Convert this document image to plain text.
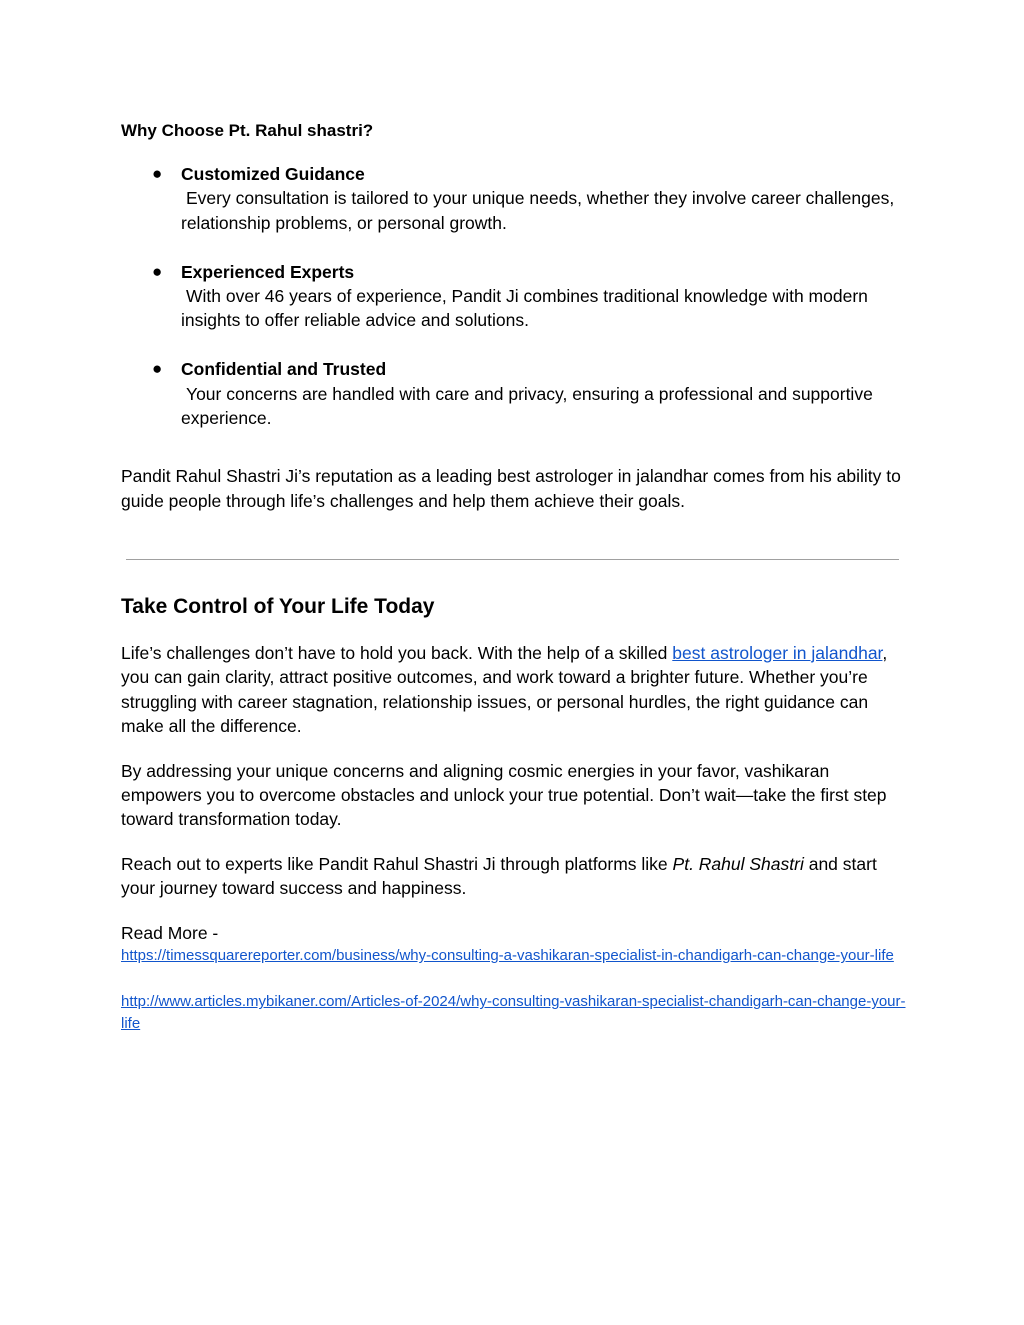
Why Choose Pt. Rahul shastri?
● Customized Guidance
Every consultation is tailored to your unique needs, whether they involve career challenges, relationship problems, or personal growth.
● Experienced Experts
With over 46 years of experience, Pandit Ji combines traditional knowledge with modern insights to offer reliable advice and solutions.
● Confidential and Trusted
Your concerns are handled with care and privacy, ensuring a professional and supportive experience.

Pandit Rahul Shastri Ji’s reputation as a leading best astrologer in jalandhar comes from his ability to guide people through life’s challenges and help them achieve their goals.

Take Control of Your Life Today

Life’s challenges don’t have to hold you back. With the help of a skilled best astrologer in jalandhar, you can gain clarity, attract positive outcomes, and work toward a brighter future. Whether you’re struggling with career stagnation, relationship issues, or personal hurdles, the right guidance can make all the difference.

By addressing your unique concerns and aligning cosmic energies in your favor, vashikaran empowers you to overcome obstacles and unlock your true potential. Don’t wait—take the first step toward transformation today.

Reach out to experts like Pandit Rahul Shastri Ji through platforms like Pt. Rahul Shastri and start your journey toward success and happiness.

Read More -

https://timessquarereporter.com/business/why-consulting-a-vashikaran-specialist-in-chandigarh-can-change-your-life
http://www.articles.mybikaner.com/Articles-of-2024/why-consulting-vashikaran-specialist-chandigarh-can-change-your-life
